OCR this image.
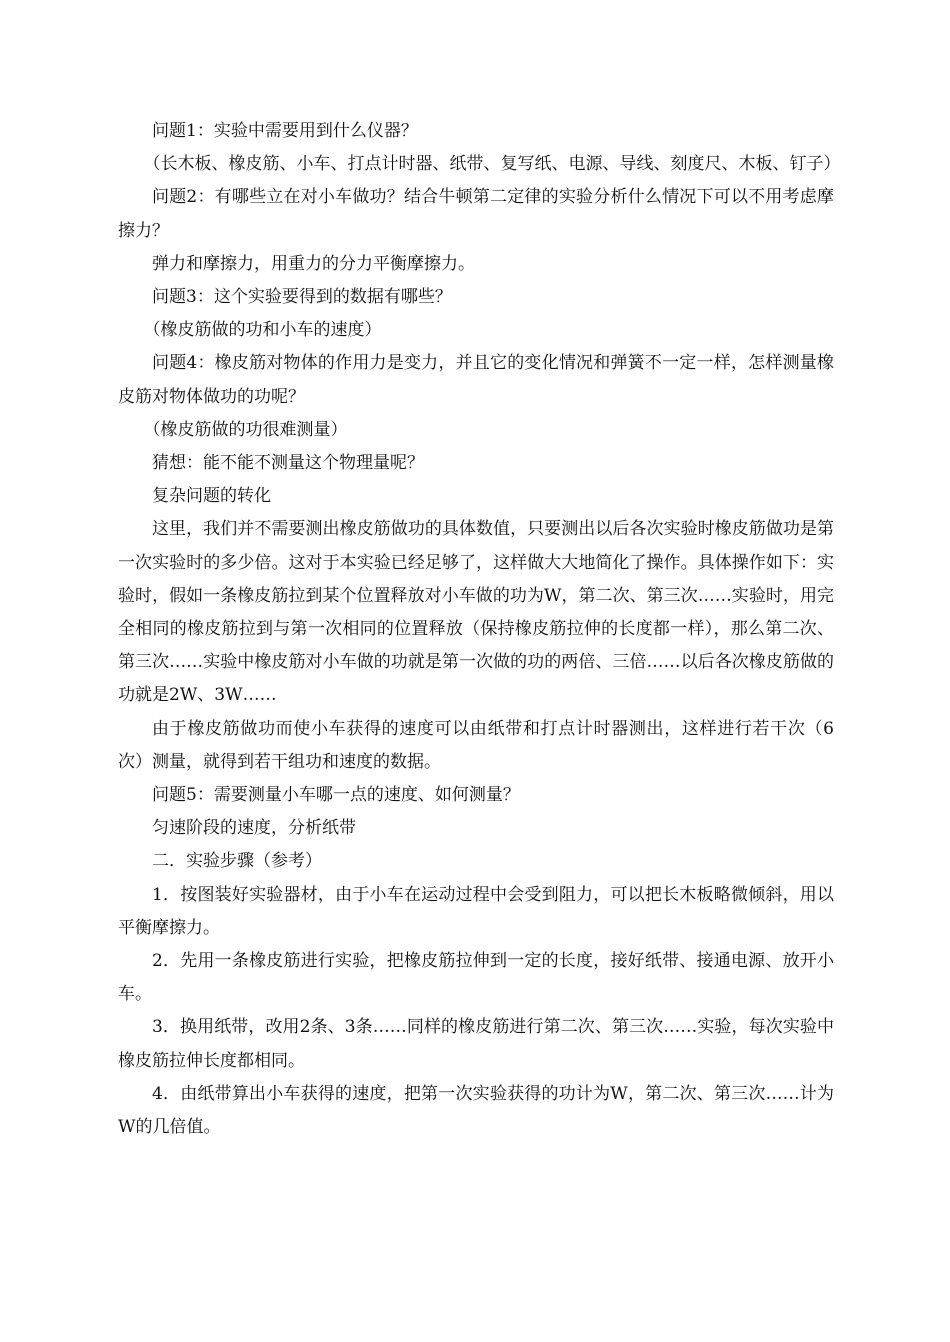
问题1：实验中需要用到什么仪器？

（长木板、橡皮筋、小车、打点计时器、纸带、复写纸、电源、导线、刻度尺、木板、钉子）

问题2：有哪些立在对小车做功？结合牛顿第二定律的实验分析什么情况下可以不用考虑摩擦力？

弹力和摩擦力，用重力的分力平衡摩擦力。

问题3：这个实验要得到的数据有哪些？

（橡皮筋做的功和小车的速度）

问题4：橡皮筋对物体的作用力是变力，并且它的变化情况和弹簧不一定一样，怎样测量橡皮筋对物体做功的功呢？

（橡皮筋做的功很难测量）

猜想：能不能不测量这个物理量呢？

复杂问题的转化

这里，我们并不需要测出橡皮筋做功的具体数值，只要测出以后各次实验时橡皮筋做功是第一次实验时的多少倍。这对于本实验已经足够了，这样做大大地简化了操作。具体操作如下：实验时，假如一条橡皮筋拉到某个位置释放对小车做的功为W，第二次、第三次……实验时，用完全相同的橡皮筋拉到与第一次相同的位置释放（保持橡皮筋拉伸的长度都一样），那么第二次、第三次……实验中橡皮筋对小车做的功就是第一次做的功的两倍、三倍……以后各次橡皮筋做的功就是2W、3W……

由于橡皮筋做功而使小车获得的速度可以由纸带和打点计时器测出，这样进行若干次（6次）测量，就得到若干组功和速度的数据。

问题5：需要测量小车哪一点的速度、如何测量？

匀速阶段的速度，分析纸带

二．实验步骤（参考）

1．按图装好实验器材，由于小车在运动过程中会受到阻力，可以把长木板略微倾斜，用以平衡摩擦力。

2．先用一条橡皮筋进行实验，把橡皮筋拉伸到一定的长度，接好纸带、接通电源、放开小车。

3．换用纸带，改用2条、3条……同样的橡皮筋进行第二次、第三次……实验，每次实验中橡皮筋拉伸长度都相同。

4．由纸带算出小车获得的速度，把第一次实验获得的功计为W，第二次、第三次……计为W的几倍值。
